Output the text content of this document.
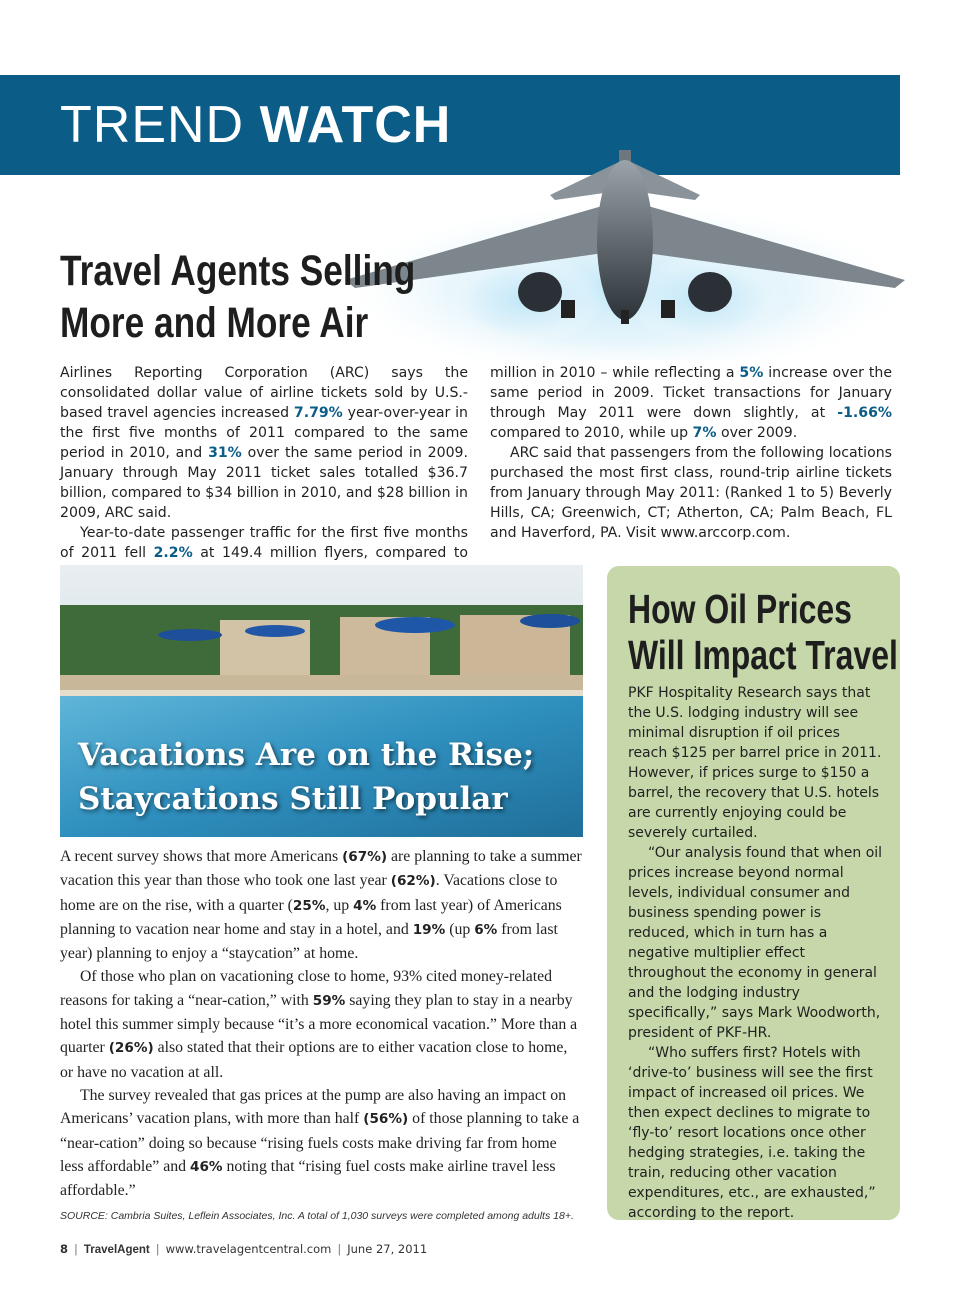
TREND WATCH
Travel Agents Selling
More and More Air

Airlines Reporting Corporation (ARC) says the consolidated dollar value of airline tickets sold by U.S.-based travel agencies increased 7.79% year-over-year in the first five months of 2011 compared to the same period in 2010, and 31% over the same period in 2009. January through May 2011 ticket sales totalled $36.7 billion, compared to $34 billion in 2010, and $28 billion in 2009, ARC said.

Year-to-date passenger traffic for the first five months of 2011 fell 2.2% at 149.4 million flyers, compared to

million in 2010 – while reflecting a 5% increase over the same period in 2009. Ticket transactions for January through May 2011 were down slightly, at -1.66% compared to 2010, while up 7% over 2009.

ARC said that passengers from the following locations purchased the most first class, round-trip airline tickets from January through May 2011: (Ranked 1 to 5) Beverly Hills, CA; Greenwich, CT; Atherton, CA; Palm Beach, FL and Haverford, PA. Visit www.arccorp.com.

Vacations Are on the Rise;
Staycations Still Popular

A recent survey shows that more Americans (67%) are planning to take a summer vacation this year than those who took one last year (62%). Vacations close to home are on the rise, with a quarter (25%, up 4% from last year) of Americans planning to vacation near home and stay in a hotel, and 19% (up 6% from last year) planning to enjoy a “staycation” at home.

Of those who plan on vacationing close to home, 93% cited money-related reasons for taking a “near-cation,” with 59% saying they plan to stay in a nearby hotel this summer simply because “it’s a more economical vacation.” More than a quarter (26%) also stated that their options are to either vacation close to home, or have no vacation at all.

The survey revealed that gas prices at the pump are also having an impact on Americans’ vacation plans, with more than half (56%) of those planning to take a “near-cation” doing so because “rising fuels costs make driving far from home less affordable” and 46% noting that “rising fuel costs make airline travel less affordable.”

SOURCE: Cambria Suites, Leflein Associates, Inc. A total of 1,030 surveys were completed among adults 18+.
How Oil Prices
Will Impact Travel

PKF Hospitality Research says that the U.S. lodging industry will see minimal disruption if oil prices reach $125 per barrel price in 2011. However, if prices surge to $150 a barrel, the recovery that U.S. hotels are currently enjoying could be severely curtailed.

“Our analysis found that when oil prices increase beyond normal levels, individual consumer and business spending power is reduced, which in turn has a negative multiplier effect throughout the economy in general and the lodging industry specifically,” says Mark Woodworth, president of PKF-HR.

“Who suffers first? Hotels with ‘drive-to’ business will see the first impact of increased oil prices. We then expect declines to migrate to ‘fly-to’ resort locations once other hedging strategies, i.e. taking the train, reducing other vacation expenditures, etc., are exhausted,” according to the report.

8 | TravelAgent | www.travelagentcentral.com | June 27, 2011
